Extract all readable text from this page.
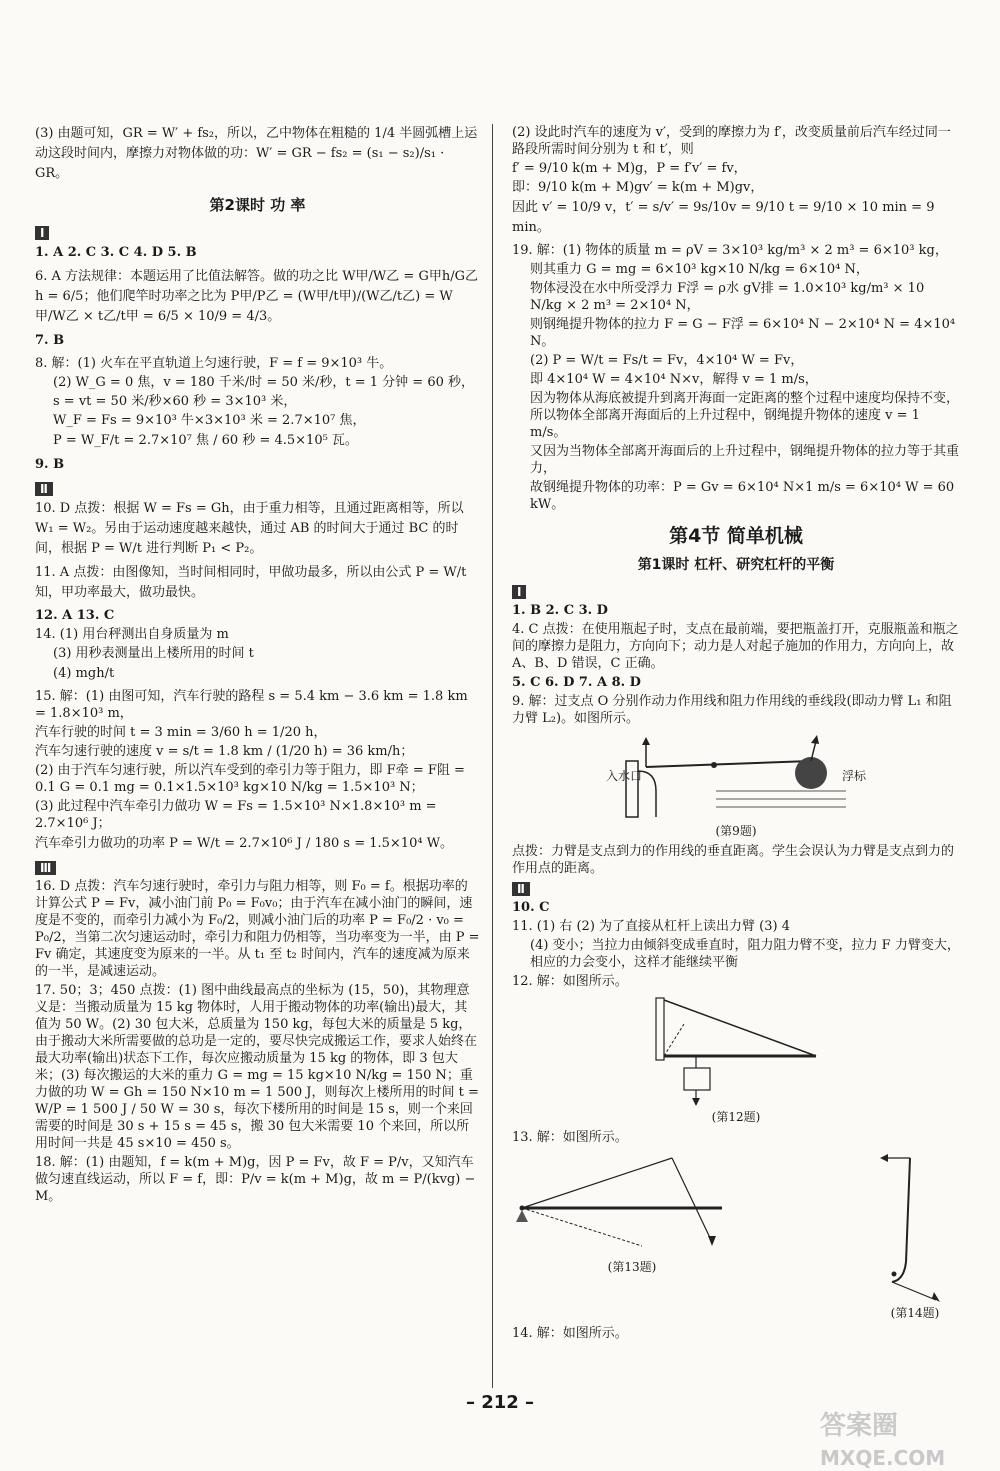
(3) 由题可知，GR = W′ + fs₂，所以，乙中物体在粗糙的 1/4 半圆弧槽上运动这段时间内，摩擦力对物体做的功：W′ = GR − fs₂ = (s₁ − s₂)/s₁ · GR。

第2课时 功 率
Ⅰ

1. A 2. C 3. C 4. D 5. B

6. A 方法规律：本题运用了比值法解答。做的功之比 W甲/W乙 = G甲h/G乙h = 6/5；他们爬竿时功率之比为 P甲/P乙 = (W甲/t甲)/(W乙/t乙) = W甲/W乙 × t乙/t甲 = 6/5 × 10/9 = 4/3。

7. B

8. 解：(1) 火车在平直轨道上匀速行驶，F = f = 9×10³ 牛。

(2) W_G = 0 焦，v = 180 千米/时 = 50 米/秒，t = 1 分钟 = 60 秒，

s = vt = 50 米/秒×60 秒 = 3×10³ 米，

W_F = Fs = 9×10³ 牛×3×10³ 米 = 2.7×10⁷ 焦，

P = W_F/t = 2.7×10⁷ 焦 / 60 秒 = 4.5×10⁵ 瓦。

9. B

Ⅱ

10. D 点拨：根据 W = Fs = Gh，由于重力相等，且通过距离相等，所以 W₁ = W₂。另由于运动速度越来越快，通过 AB 的时间大于通过 BC 的时间，根据 P = W/t 进行判断 P₁ < P₂。

11. A 点拨：由图像知，当时间相同时，甲做功最多，所以由公式 P = W/t 知，甲功率最大，做功最快。

12. A 13. C

14. (1) 用台秤测出自身质量为 m

(3) 用秒表测量出上楼所用的时间 t

(4) mgh/t

15. 解：(1) 由图可知，汽车行驶的路程 s = 5.4 km − 3.6 km = 1.8 km = 1.8×10³ m，

汽车行驶的时间 t = 3 min = 3/60 h = 1/20 h，

汽车匀速行驶的速度 v = s/t = 1.8 km / (1/20 h) = 36 km/h；

(2) 由于汽车匀速行驶，所以汽车受到的牵引力等于阻力，即 F牵 = F阻 = 0.1 G = 0.1 mg = 0.1×1.5×10³ kg×10 N/kg = 1.5×10³ N；

(3) 此过程中汽车牵引力做功 W = Fs = 1.5×10³ N×1.8×10³ m = 2.7×10⁶ J；

汽车牵引力做功的功率 P = W/t = 2.7×10⁶ J / 180 s = 1.5×10⁴ W。

Ⅲ

16. D 点拨：汽车匀速行驶时，牵引力与阻力相等，则 F₀ = f。根据功率的计算公式 P = Fv，减小油门前 P₀ = F₀v₀；由于汽车在减小油门的瞬间，速度是不变的，而牵引力减小为 F₀/2，则减小油门后的功率 P = F₀/2 · v₀ = P₀/2，当第二次匀速运动时，牵引力和阻力仍相等，当功率变为一半，由 P = Fv 确定，其速度变为原来的一半。从 t₁ 至 t₂ 时间内，汽车的速度减为原来的一半，是减速运动。

17. 50；3；450 点拨：(1) 图中曲线最高点的坐标为 (15，50)，其物理意义是：当搬动质量为 15 kg 物体时，人用于搬动物体的功率(输出)最大，其值为 50 W。(2) 30 包大米，总质量为 150 kg，每包大米的质量是 5 kg，由于搬动大米所需要做的总功是一定的，要尽快完成搬运工作，要求人始终在最大功率(输出)状态下工作，每次应搬动质量为 15 kg 的物体，即 3 包大米；(3) 每次搬运的大米的重力 G = mg = 15 kg×10 N/kg = 150 N；重力做的功 W = Gh = 150 N×10 m = 1 500 J，则每次上楼所用的时间 t = W/P = 1 500 J / 50 W = 30 s，每次下楼所用的时间是 15 s，则一个来回需要的时间是 30 s + 15 s = 45 s，搬 30 包大米需要 10 个来回，所以所用时间一共是 45 s×10 = 450 s。

18. 解：(1) 由题知，f = k(m + M)g，因 P = Fv，故 F = P/v，又知汽车做匀速直线运动，所以 F = f，即：P/v = k(m + M)g，故 m = P/(kvg) − M。

(2) 设此时汽车的速度为 v′，受到的摩擦力为 f′，改变质量前后汽车经过同一路段所需时间分别为 t 和 t′，则

f′ = 9/10 k(m + M)g，P = f′v′ = fv，

即：9/10 k(m + M)gv′ = k(m + M)gv，

因此 v′ = 10/9 v，t′ = s/v′ = 9s/10v = 9/10 t = 9/10 × 10 min = 9 min。

19. 解：(1) 物体的质量 m = ρV = 3×10³ kg/m³ × 2 m³ = 6×10³ kg，

则其重力 G = mg = 6×10³ kg×10 N/kg = 6×10⁴ N，

物体浸没在水中所受浮力 F浮 = ρ水 gV排 = 1.0×10³ kg/m³ × 10 N/kg × 2 m³ = 2×10⁴ N，

则钢绳提升物体的拉力 F = G − F浮 = 6×10⁴ N − 2×10⁴ N = 4×10⁴ N。

(2) P = W/t = Fs/t = Fv，4×10⁴ W = Fv，

即 4×10⁴ W = 4×10⁴ N×v，解得 v = 1 m/s，

因为物体从海底被提升到离开海面一定距离的整个过程中速度均保持不变，所以物体全部离开海面后的上升过程中，钢绳提升物体的速度 v = 1 m/s。

又因为当物体全部离开海面后的上升过程中，钢绳提升物体的拉力等于其重力，

故钢绳提升物体的功率：P = Gv = 6×10⁴ N×1 m/s = 6×10⁴ W = 60 kW。

第4节 简单机械
第1课时 杠杆、研究杠杆的平衡
Ⅰ

1. B 2. C 3. D

4. C 点拨：在使用瓶起子时，支点在最前端，要把瓶盖打开，克服瓶盖和瓶之间的摩擦力是阻力，方向向下；动力是人对起子施加的作用力，方向向上，故 A、B、D 错误，C 正确。

5. C 6. D 7. A 8. D

9. 解：过支点 O 分别作动力作用线和阻力作用线的垂线段(即动力臂 L₁ 和阻力臂 L₂)。如图所示。

入水口	浮标
(第9题)

点拨：力臂是支点到力的作用线的垂直距离。学生会误认为力臂是支点到力的作用点的距离。

Ⅱ

10. C

11. (1) 右 (2) 为了直接从杠杆上读出力臂 (3) 4

(4) 变小；当拉力由倾斜变成垂直时，阻力阻力臂不变，拉力 F 力臂变大，相应的力会变小，这样才能继续平衡

12. 解：如图所示。

(第12题)

13. 解：如图所示。

(第13题)
(第14题)

14. 解：如图所示。

– 212 –
答案圈
MXQE.COM
